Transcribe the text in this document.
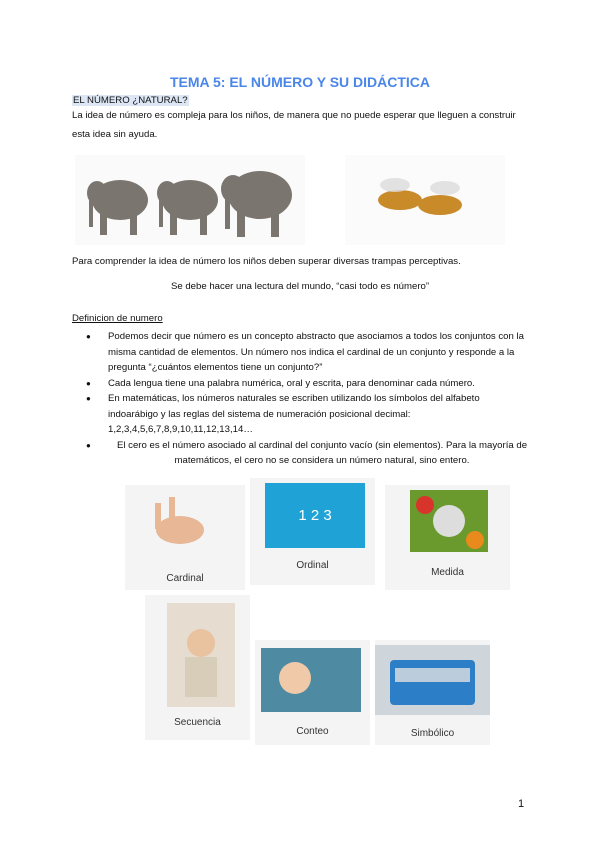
TEMA 5: EL NÚMERO Y SU DIDÁCTICA
EL NÚMERO ¿NATURAL?
La idea de número es compleja para los niños, de manera que no puede esperar que lleguen a construir esta idea sin ayuda.
Para comprender la idea de número los niños deben superar diversas trampas perceptivas.
Se debe hacer una lectura del mundo, “casi todo es número”
Definicion de numero
● Podemos decir que número es un concepto abstracto que asociamos a todos los conjuntos con la misma cantidad de elementos. Un número nos indica el cardinal de un conjunto y responde a la pregunta “¿cuántos elementos tiene un conjunto?”
● Cada lengua tiene una palabra numérica, oral y escrita, para denominar cada número.
● En matemáticas, los números naturales se escriben utilizando los símbolos del alfabeto indoarábigo y las reglas del sistema de numeración posicional decimal: 1,2,3,4,5,6,7,8,9,10,11,12,13,14…
● El cero es el número asociado al cardinal del conjunto vacío (sin elementos). Para la mayoría de matemáticos, el cero no se considera un número natural, sino entero.
Cardinal
1 2 3
Ordinal
Medida
Secuencia
Conteo	Simbólico
1
